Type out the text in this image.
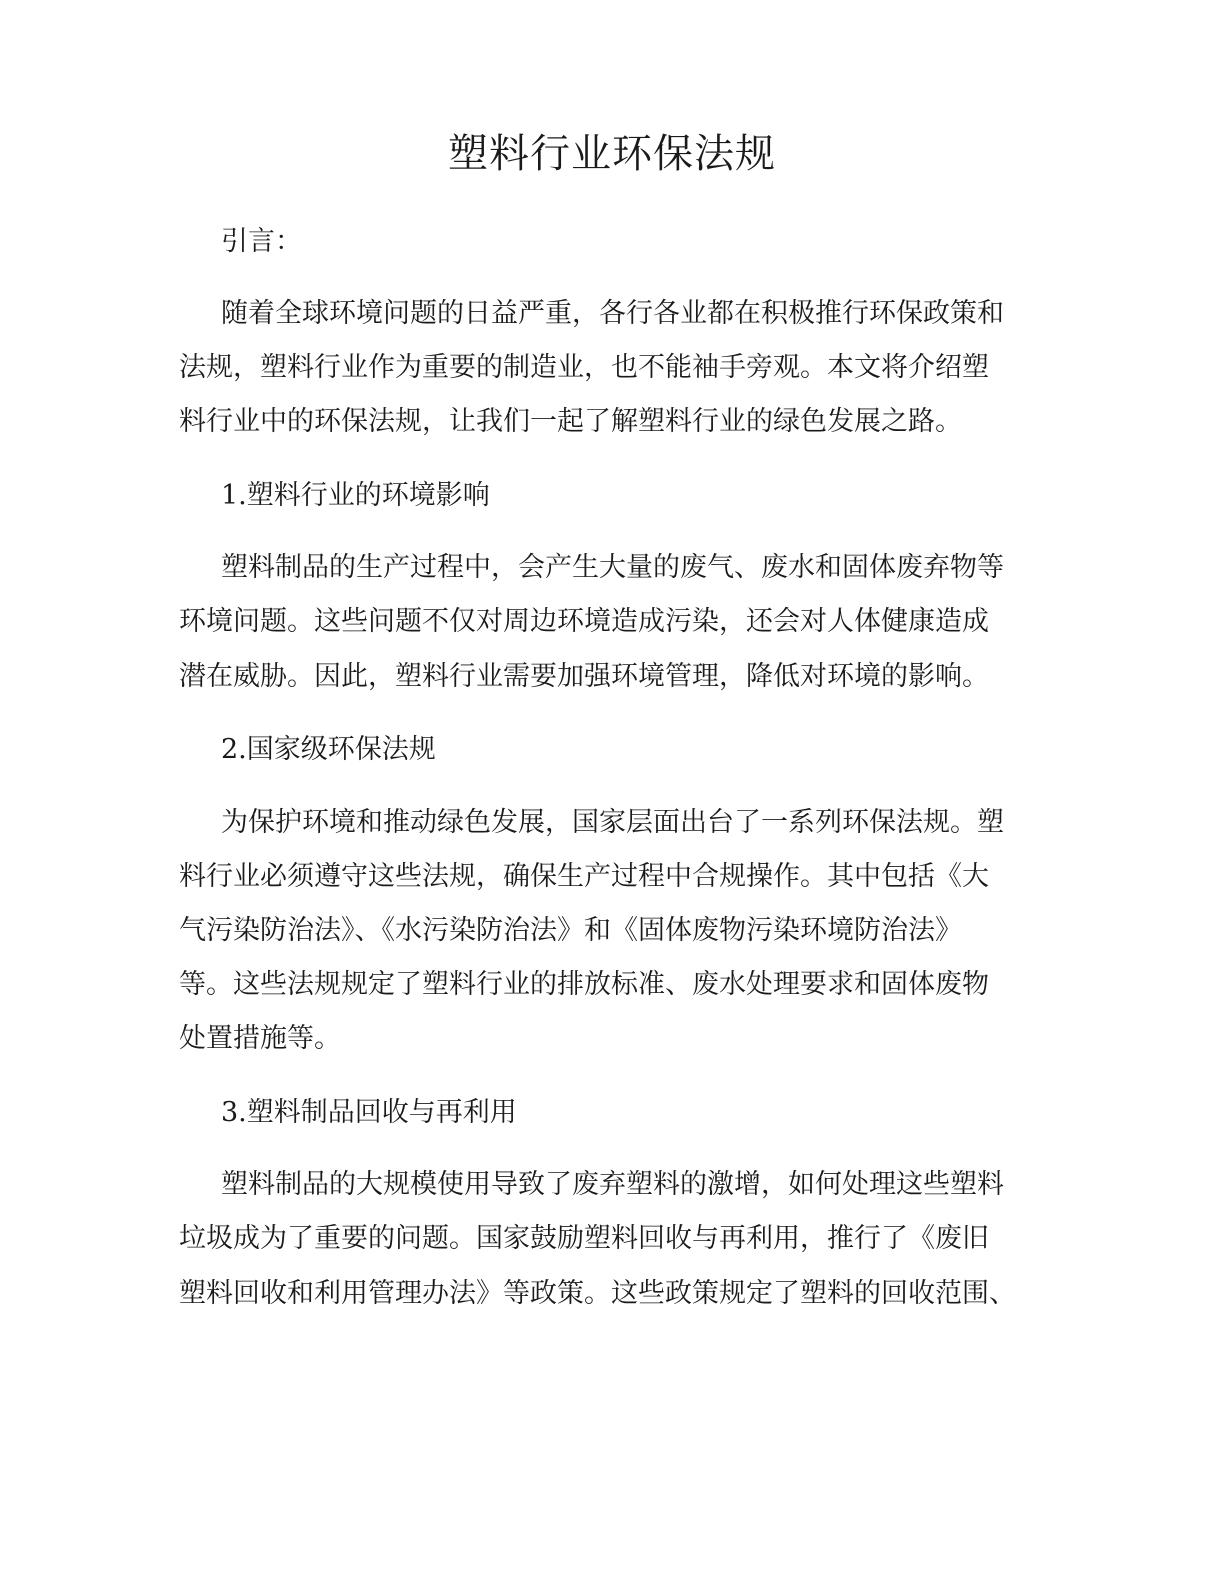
塑料行业环保法规

引言：

随着全球环境问题的日益严重，各行各业都在积极推行环保政策和

法规，塑料行业作为重要的制造业，也不能袖手旁观。本文将介绍塑

料行业中的环保法规，让我们一起了解塑料行业的绿色发展之路。

1.塑料行业的环境影响

塑料制品的生产过程中，会产生大量的废气、废水和固体废弃物等

环境问题。这些问题不仅对周边环境造成污染，还会对人体健康造成

潜在威胁。因此，塑料行业需要加强环境管理，降低对环境的影响。

2.国家级环保法规

为保护环境和推动绿色发展，国家层面出台了一系列环保法规。塑

料行业必须遵守这些法规，确保生产过程中合规操作。其中包括《大

气污染防治法》、《水污染防治法》和《固体废物污染环境防治法》

等。这些法规规定了塑料行业的排放标准、废水处理要求和固体废物

处置措施等。

3.塑料制品回收与再利用

塑料制品的大规模使用导致了废弃塑料的激增，如何处理这些塑料

垃圾成为了重要的问题。国家鼓励塑料回收与再利用，推行了《废旧

塑料回收和利用管理办法》等政策。这些政策规定了塑料的回收范围、
